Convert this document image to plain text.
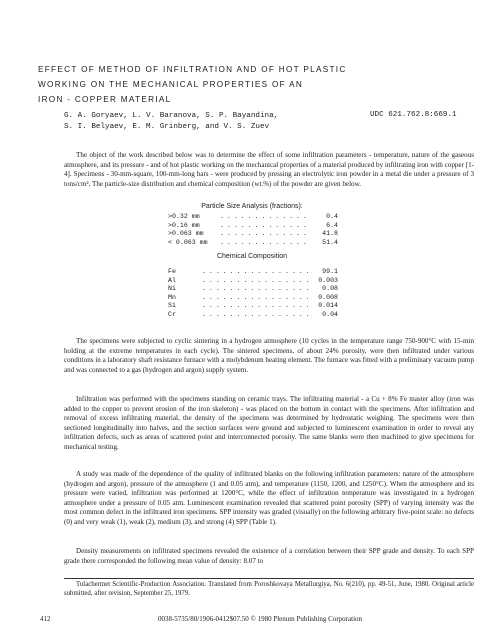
EFFECT OF METHOD OF INFILTRATION AND OF HOT PLASTIC
WORKING ON THE MECHANICAL PROPERTIES OF AN
IRON - COPPER MATERIAL
G. A. Goryaev, L. V. Baranova, S. P. Bayandina,
S. I. Belyaev, E. M. Grinberg, and V. S. Zuev
UDC 621.762.8:669.1
The object of the work described below was to determine the effect of some infiltration parameters - temperature, nature of the gaseous atmosphere, and its pressure - and of hot plastic working on the mechanical properties of a material produced by infiltrating iron with copper [1-4]. Specimens - 30-mm-square, 100-mm-long bars - were produced by pressing an electrolytic iron powder in a metal die under a pressure of 3 tons/cm², The particle-size distribution and chemical composition (wt.%) of the powder are given below.
Particle Size Analysis (fractions):
>0.32 mm . . .	0.4
>0.16 mm . . .	6.4
>0.063 mm . . .	41.8
< 0.063 mm . . .	51.4
Chemical Composition
Fe . . .	99.1
Al . . .	0.003
Ni . . .	0.08
Mn . . .	0.008
Si . . .	0.014
Cr . . .	0.04
The specimens were subjected to cyclic sintering in a hydrogen atmosphere (10 cycles in the temperature range 750-900°C with 15-min holding at the extreme temperatures in each cycle). The sintered specimens, of about 24% porosity, were then infiltrated under various conditions in a laboratory shaft resistance furnace with a molybdenum heating element. The furnace was fitted with a preliminary vacuum pump and was connected to a gas (hydrogen and argon) supply system.
Infiltration was performed with the specimens standing on ceramic trays. The infiltrating material - a Cu + 8% Fe master alloy (iron was added to the copper to prevent erosion of the iron skeleton) - was placed on the bottom in contact with the specimens. After infiltration and removal of excess infiltrating material, the density of the specimens was determined by hydrostatic weighing. The specimens were then sectioned longitudinally into halves, and the section surfaces were ground and subjected to luminescent examination in order to reveal any infiltration defects, such as areas of scattered point and interconnected porosity. The same blanks were then machined to give specimens for mechanical testing.
A study was made of the dependence of the quality of infiltrated blanks on the following infiltration parameters: nature of the atmosphere (hydrogen and argon), pressure of the atmosphere (1 and 0.05 atm), and temperature (1150, 1200, and 1250°C). When the atmosphere and its pressure were varied, infiltration was performed at 1200°C, while the effect of infiltration temperature was investigated in a hydrogen atmosphere under a pressure of 0.05 atm. Luminescent examination revealed that scattered point porosity (SPP) of varying intensity was the most common defect in the infiltrated iron specimens. SPP intensity was graded (visually) on the following arbitrary five-point scale: no defects (0) and very weak (1), weak (2), medium (3), and strong (4) SPP (Table 1).
Density measurements on infiltrated specimens revealed the existence of a correlation between their SPP grade and density. To each SPP grade there corresponded the following mean value of density: 8.07 to
Tulachermet Scientific-Production Association. Translated from Poroshkovaya Metallurgiya, No. 6(210), pp. 49-51, June, 1980. Original article submitted, after revision, September 25, 1979.
412	0038-5735/80/1906-0412$07.50 © 1980 Plenum Publishing Corporation
